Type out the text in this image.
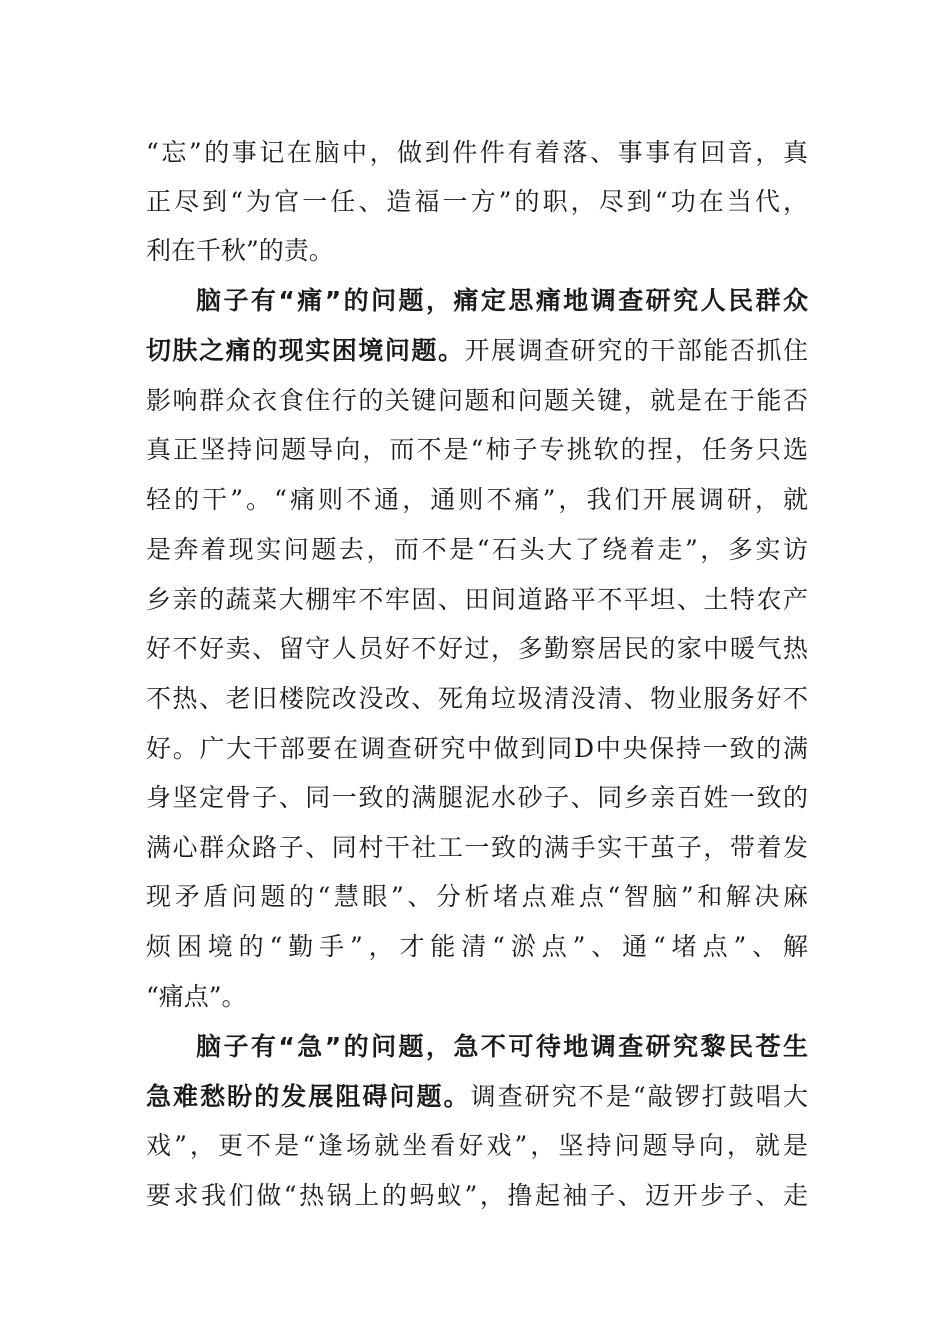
“忘”的事记在脑中，做到件件有着落、事事有回音，真
正尽到“为官一任、造福一方”的职，尽到“功在当代，
利在千秋”的责。
脑子有“痛”的问题，痛定思痛地调查研究人民群众
切肤之痛的现实困境问题。开展调查研究的干部能否抓住
影响群众衣食住行的关键问题和问题关键，就是在于能否
真正坚持问题导向，而不是“柿子专挑软的捏，任务只选
轻的干”。“痛则不通，通则不痛”，我们开展调研，就
是奔着现实问题去，而不是“石头大了绕着走”，多实访
乡亲的蔬菜大棚牢不牢固、田间道路平不平坦、土特农产
好不好卖、留守人员好不好过，多勤察居民的家中暖气热
不热、老旧楼院改没改、死角垃圾清没清、物业服务好不
好。广大干部要在调查研究中做到同D中央保持一致的满
身坚定骨子、同一致的满腿泥水砂子、同乡亲百姓一致的
满心群众路子、同村干社工一致的满手实干茧子，带着发
现矛盾问题的“慧眼”、分析堵点难点“智脑”和解决麻
烦困境的“勤手”，才能清“淤点”、通“堵点”、解
“痛点”。
脑子有“急”的问题，急不可待地调查研究黎民苍生
急难愁盼的发展阻碍问题。调查研究不是“敲锣打鼓唱大
戏”，更不是“逢场就坐看好戏”，坚持问题导向，就是
要求我们做“热锅上的蚂蚁”，撸起袖子、迈开步子、走
